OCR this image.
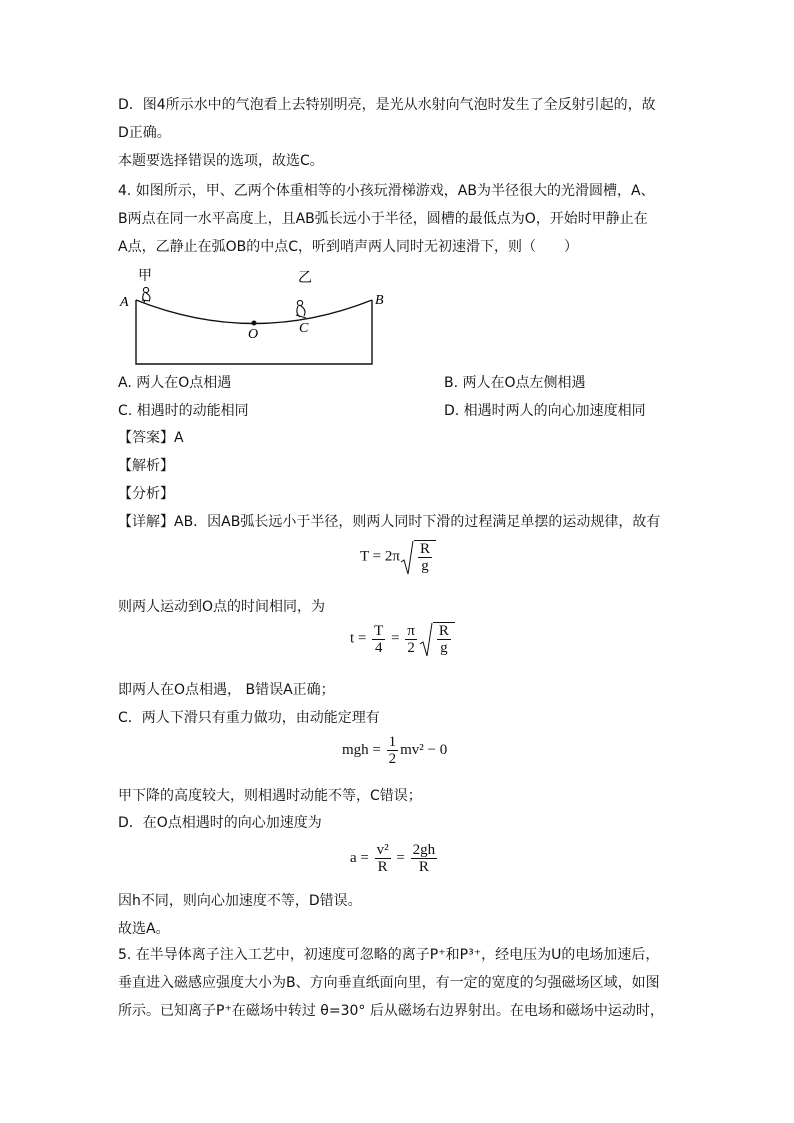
D．图4所示水中的气泡看上去特别明亮，是光从水射向气泡时发生了全反射引起的，故
D正确。
本题要选择错误的选项，故选C。
4. 如图所示，甲、乙两个体重相等的小孩玩滑梯游戏，AB为半径很大的光滑圆槽，A、
B两点在同一水平高度上，且AB弧长远小于半径，圆槽的最低点为O，开始时甲静止在
A点，乙静止在弧OB的中点C，听到哨声两人同时无初速滑下，则（　　）
甲	乙
A	B
O	C
A. 两人在O点相遇	B. 两人在O点左侧相遇
C. 相遇时的动能相同	D. 相遇时两人的向心加速度相同
【答案】A
【解析】
【分析】
【详解】AB．因AB弧长远小于半径，则两人同时下滑的过程满足单摆的运动规律，故有
$T = 2\pi \frac{R}{g}$
则两人运动到O点的时间相同，为
$t = \frac{T}{4} = \frac{\pi}{2} \frac{R}{g}$
即两人在O点相遇， B错误A正确；
C．两人下滑只有重力做功，由动能定理有
mgh = $\frac{1}{2} mv^2 - 0$
甲下降的高度较大，则相遇时动能不等，C错误；
D．在O点相遇时的向心加速度为
$a = \frac{\text{v²}}{R} = \frac{2gh}{R}$
因h不同，则向心加速度不等，D错误。
故选A。
5. 在半导体离子注入工艺中，初速度可忽略的离子P⁺和P³⁺，经电压为U的电场加速后，
垂直进入磁感应强度大小为B、方向垂直纸面向里，有一定的宽度的匀强磁场区域，如图
所示。已知离子P⁺在磁场中转过 θ=30° 后从磁场右边界射出。在电场和磁场中运动时，
